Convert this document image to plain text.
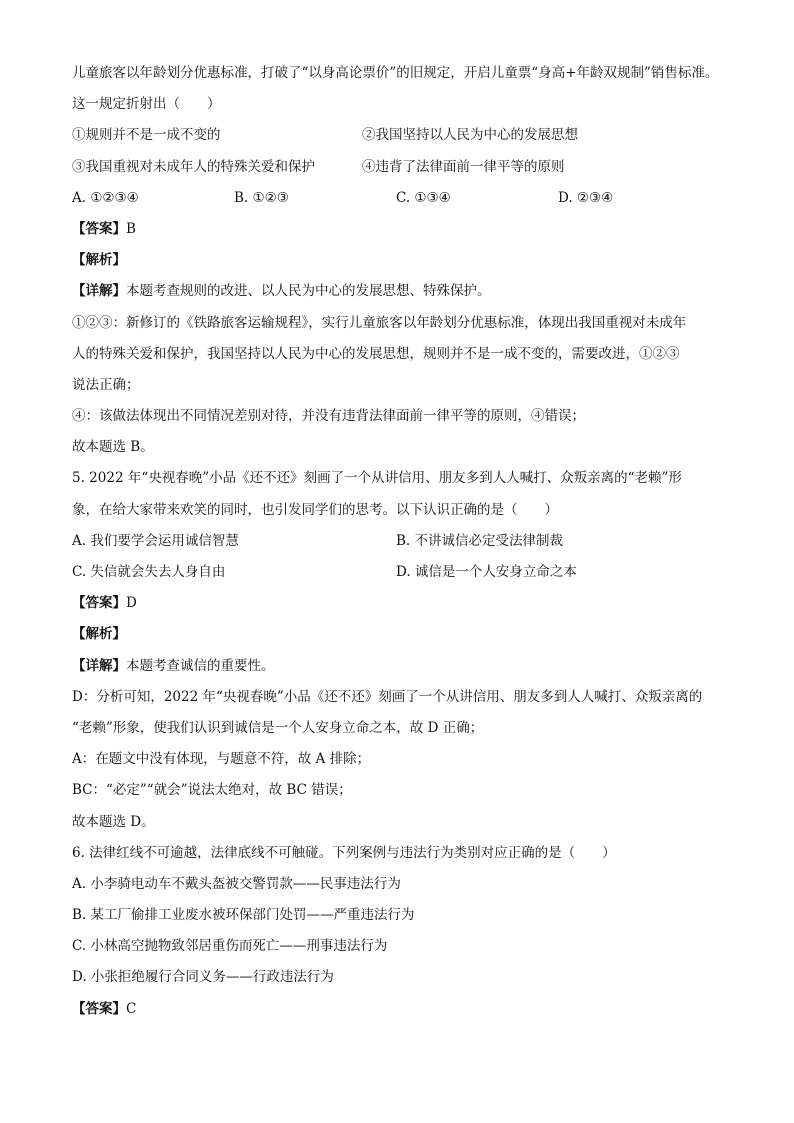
儿童旅客以年龄划分优惠标准，打破了“以身高论票价”的旧规定，开启儿童票“身高+年龄双规制”销售标准。
这一规定折射出（　　）
①规则并不是一成不变的	②我国坚持以人民为中心的发展思想
③我国重视对未成年人的特殊关爱和保护	④违背了法律面前一律平等的原则
A. ①②③④	B. ①②③	C. ①③④	D. ②③④
【答案】B
【解析】
【详解】本题考查规则的改进、以人民为中心的发展思想、特殊保护。
①②③：新修订的《铁路旅客运输规程》，实行儿童旅客以年龄划分优惠标准，体现出我国重视对未成年
人的特殊关爱和保护，我国坚持以人民为中心的发展思想，规则并不是一成不变的，需要改进，①②③
说法正确；
④：该做法体现出不同情况差别对待，并没有违背法律面前一律平等的原则，④错误；
故本题选 B。
5. 2022 年“央视春晚”小品《还不还》刻画了一个从讲信用、朋友多到人人喊打、众叛亲离的“老赖”形
象，在给大家带来欢笑的同时，也引发同学们的思考。以下认识正确的是（　　）
A. 我们要学会运用诚信智慧	B. 不讲诚信必定受法律制裁
C. 失信就会失去人身自由	D. 诚信是一个人安身立命之本
【答案】D
【解析】
【详解】本题考查诚信的重要性。
D：分析可知，2022 年“央视春晚”小品《还不还》刻画了一个从讲信用、朋友多到人人喊打、众叛亲离的
“老赖”形象，使我们认识到诚信是一个人安身立命之本，故 D 正确；
A：在题文中没有体现，与题意不符，故 A 排除；
BC：“必定”“就会”说法太绝对，故 BC 错误；
故本题选 D。
6. 法律红线不可逾越，法律底线不可触碰。下列案例与违法行为类别对应正确的是（　　）
A. 小李骑电动车不戴头盔被交警罚款——民事违法行为
B. 某工厂偷排工业废水被环保部门处罚——严重违法行为
C. 小林高空抛物致邻居重伤而死亡——刑事违法行为
D. 小张拒绝履行合同义务——行政违法行为
【答案】C
